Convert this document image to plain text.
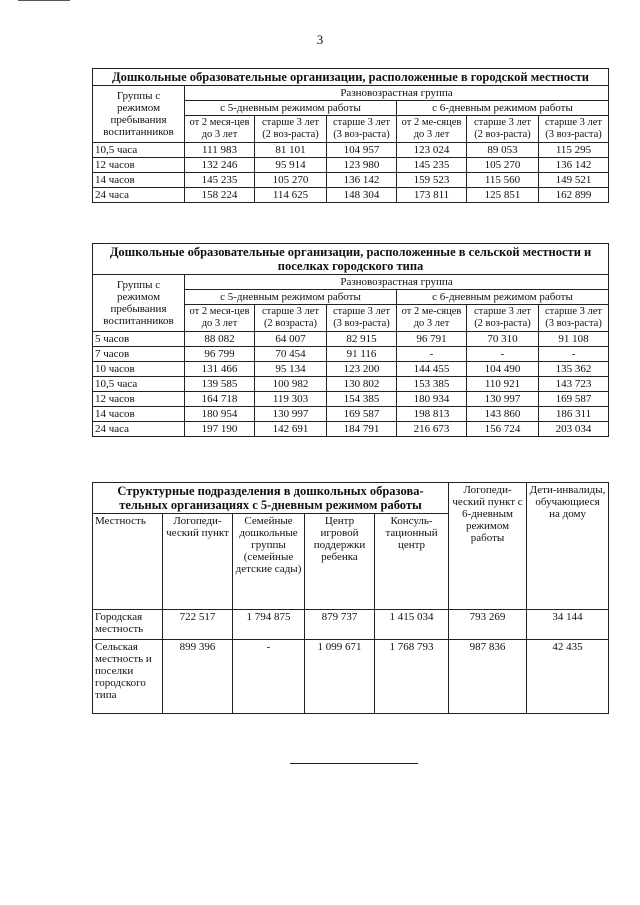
3
Дошкольные образовательные организации, расположенные в городской местности						
Группы с режимом пребывания воспитанников	Разновозрастная группа					
	с 5-дневным режимом работы			с 6-дневным режимом работы		
	от 2 меся-цев до 3 лет	старше 3 лет (2 воз-раста)	старше 3 лет (3 воз-раста)	от 2 ме-сяцев до 3 лет	старше 3 лет (2 воз-раста)	старше 3 лет (3 воз-раста)
10,5 часа	111 983	81 101	104 957	123 024	89 053	115 295
12 часов	132 246	95 914	123 980	145 235	105 270	136 142
14 часов	145 235	105 270	136 142	159 523	115 560	149 521
24 часа	158 224	114 625	148 304	173 811	125 851	162 899
Дошкольные образовательные организации, расположенные в сельской местности и поселках городского типа						
Группы с режимом пребывания воспитанников	Разновозрастная группа					
	с 5-дневным режимом работы			с 6-дневным режимом работы		
	от 2 меся-цев до 3 лет	старше 3 лет (2 возраста)	старше 3 лет (3 воз-раста)	от 2 ме-сяцев до 3 лет	старше 3 лет (2 воз-раста)	старше 3 лет (3 воз-раста)
5 часов	88 082	64 007	82 915	96 791	70 310	91 108
7 часов	96 799	70 454	91 116	-	-	-
10 часов	131 466	95 134	123 200	144 455	104 490	135 362
10,5 часа	139 585	100 982	130 802	153 385	110 921	143 723
12 часов	164 718	119 303	154 385	180 934	130 997	169 587
14 часов	180 954	130 997	169 587	198 813	143 860	186 311
24 часа	197 190	142 691	184 791	216 673	156 724	203 034
Структурные подразделения в дошкольных образова-тельных организациях с 5-дневным режимом работы					Логопеди-ческий пункт с 6-дневным режимом работы	Дети-инвалиды, обучающиеся на дому
Местность	Логопеди-ческий пункт	Семейные дошкольные группы (семейные детские сады)	Центр игровой поддержки ребенка	Консуль-тационный центр		
Городская местность	722 517	1 794 875	879 737	1 415 034	793 269	34 144
Сельская местность и поселки городского типа	899 396	-	1 099 671	1 768 793	987 836	42 435
